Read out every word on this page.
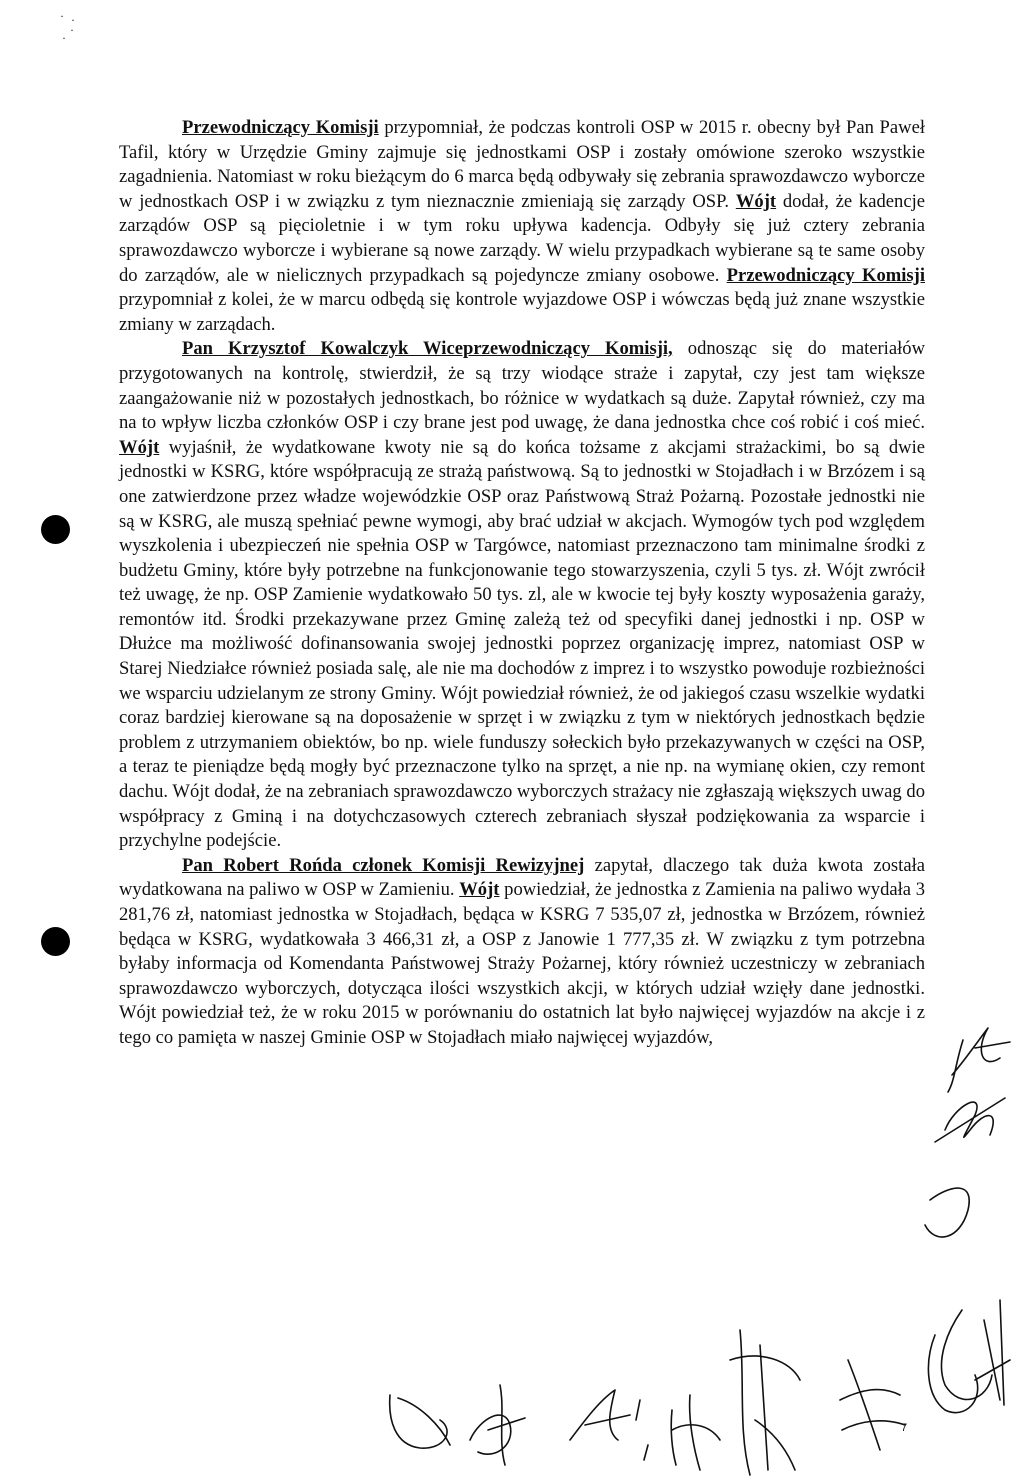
· ·
·
·

Przewodniczący Komisji przypomniał, że podczas kontroli OSP w 2015 r. obecny był Pan Paweł Tafil, który w Urzędzie Gminy zajmuje się jednostkami OSP i zostały omówione szeroko wszystkie zagadnienia. Natomiast w roku bieżącym do 6 marca będą odbywały się zebrania sprawozdawczo wyborcze w jednostkach OSP i w związku z tym nieznacznie zmieniają się zarządy OSP. Wójt dodał, że kadencje zarządów OSP są pięcioletnie i w tym roku upływa kadencja. Odbyły się już cztery zebrania sprawozdawczo wyborcze i wybierane są nowe zarządy. W wielu przypadkach wybierane są te same osoby do zarządów, ale w nielicznych przypadkach są pojedyncze zmiany osobowe. Przewodniczący Komisji przypomniał z kolei, że w marcu odbędą się kontrole wyjazdowe OSP i wówczas będą już znane wszystkie zmiany w zarządach.

Pan Krzysztof Kowalczyk Wiceprzewodniczący Komisji, odnosząc się do materiałów przygotowanych na kontrolę, stwierdził, że są trzy wiodące straże i zapytał, czy jest tam większe zaangażowanie niż w pozostałych jednostkach, bo różnice w wydatkach są duże. Zapytał również, czy ma na to wpływ liczba członków OSP i czy brane jest pod uwagę, że dana jednostka chce coś robić i coś mieć. Wójt wyjaśnił, że wydatkowane kwoty nie są do końca tożsame z akcjami strażackimi, bo są dwie jednostki w KSRG, które współpracują ze strażą państwową. Są to jednostki w Stojadłach i w Brzózem i są one zatwierdzone przez władze wojewódzkie OSP oraz Państwową Straż Pożarną. Pozostałe jednostki nie są w KSRG, ale muszą spełniać pewne wymogi, aby brać udział w akcjach. Wymogów tych pod względem wyszkolenia i ubezpieczeń nie spełnia OSP w Targówce, natomiast przeznaczono tam minimalne środki z budżetu Gminy, które były potrzebne na funkcjonowanie tego stowarzyszenia, czyli 5 tys. zł. Wójt zwrócił też uwagę, że np. OSP Zamienie wydatkowało 50 tys. zl, ale w kwocie tej były koszty wyposażenia garaży, remontów itd. Środki przekazywane przez Gminę zależą też od specyfiki danej jednostki i np. OSP w Dłużce ma możliwość dofinansowania swojej jednostki poprzez organizację imprez, natomiast OSP w Starej Niedziałce również posiada salę, ale nie ma dochodów z imprez i to wszystko powoduje rozbieżności we wsparciu udzielanym ze strony Gminy. Wójt powiedział również, że od jakiegoś czasu wszelkie wydatki coraz bardziej kierowane są na doposażenie w sprzęt i w związku z tym w niektórych jednostkach będzie problem z utrzymaniem obiektów, bo np. wiele funduszy sołeckich było przekazywanych w części na OSP, a teraz te pieniądze będą mogły być przeznaczone tylko na sprzęt, a nie np. na wymianę okien, czy remont dachu. Wójt dodał, że na zebraniach sprawozdawczo wyborczych strażacy nie zgłaszają większych uwag do współpracy z Gminą i na dotychczasowych czterech zebraniach słyszał podziękowania za wsparcie i przychylne podejście.

Pan Robert Rońda członek Komisji Rewizyjnej zapytał, dlaczego tak duża kwota została wydatkowana na paliwo w OSP w Zamieniu. Wójt powiedział, że jednostka z Zamienia na paliwo wydała 3 281,76 zł, natomiast jednostka w Stojadłach, będąca w KSRG 7 535,07 zł, jednostka w Brzózem, również będąca w KSRG, wydatkowała 3 466,31 zł, a OSP z Janowie 1 777,35 zł. W związku z tym potrzebna byłaby informacja od Komendanta Państwowej Straży Pożarnej, który również uczestniczy w zebraniach sprawozdawczo wyborczych, dotycząca ilości wszystkich akcji, w których udział wzięły dane jednostki. Wójt powiedział też, że w roku 2015 w porównaniu do ostatnich lat było najwięcej wyjazdów na akcje i z tego co pamięta w naszej Gminie OSP w Stojadłach miało najwięcej wyjazdów,

7
